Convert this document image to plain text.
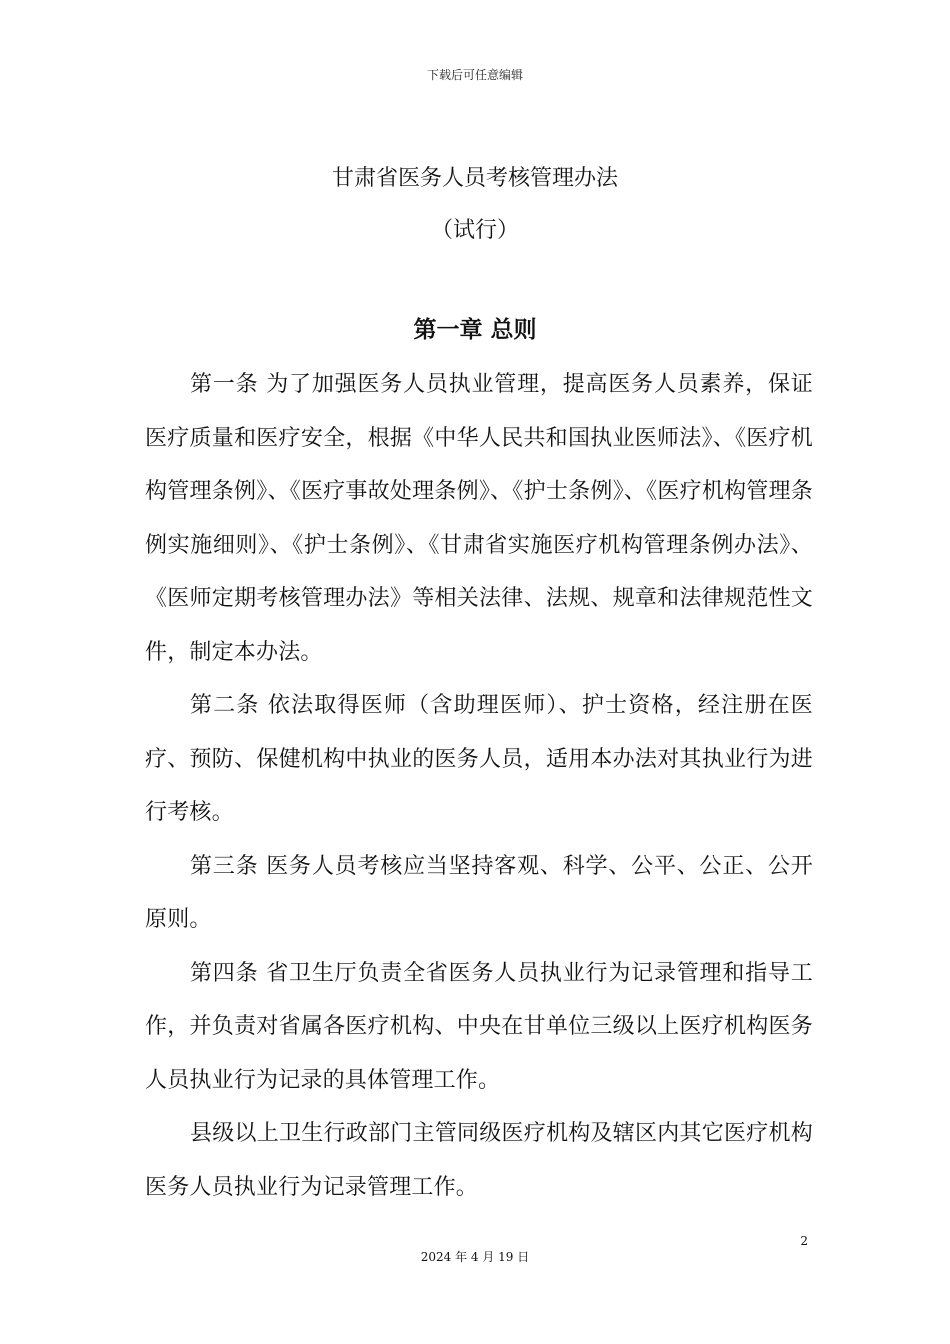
下载后可任意编辑
甘肃省医务人员考核管理办法
（试行）
第一章 总则

第一条 为了加强医务人员执业管理，提高医务人员素养，保证医疗质量和医疗安全，根据《中华人民共和国执业医师法》、《医疗机构管理条例》、《医疗事故处理条例》、《护士条例》、《医疗机构管理条例实施细则》、《护士条例》、《甘肃省实施医疗机构管理条例办法》、《医师定期考核管理办法》等相关法律、法规、规章和法律规范性文件，制定本办法。

第二条 依法取得医师（含助理医师）、护士资格，经注册在医疗、预防、保健机构中执业的医务人员，适用本办法对其执业行为进行考核。

第三条 医务人员考核应当坚持客观、科学、公平、公正、公开原则。

第四条 省卫生厅负责全省医务人员执业行为记录管理和指导工作，并负责对省属各医疗机构、中央在甘单位三级以上医疗机构医务人员执业行为记录的具体管理工作。

县级以上卫生行政部门主管同级医疗机构及辖区内其它医疗机构医务人员执业行为记录管理工作。

2
2024 年 4 月 19 日
